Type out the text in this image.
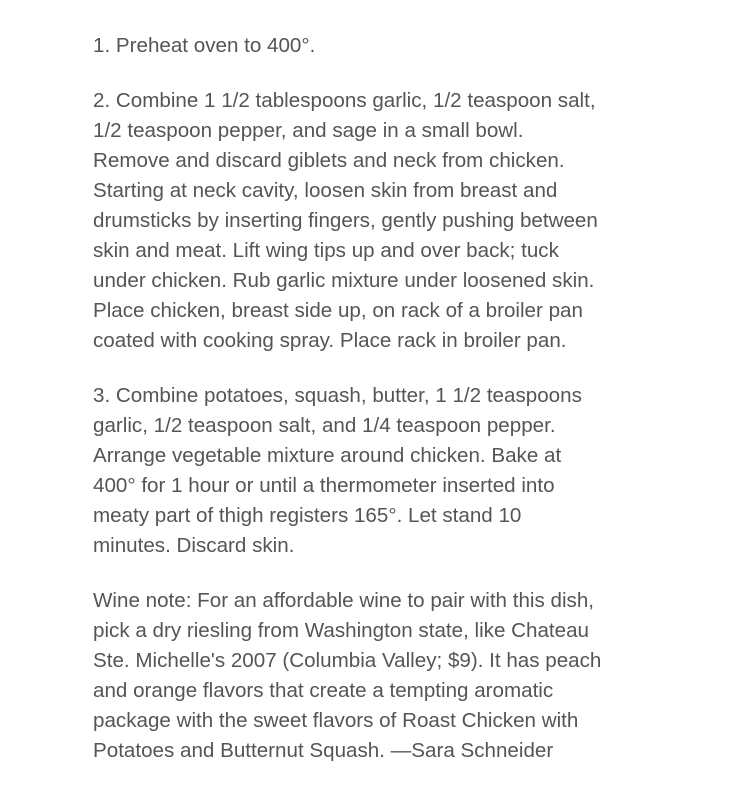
1. Preheat oven to 400°.

2. Combine 1 1/2 tablespoons garlic, 1/2 teaspoon salt,
1/2 teaspoon pepper, and sage in a small bowl.
Remove and discard giblets and neck from chicken.
Starting at neck cavity, loosen skin from breast and
drumsticks by inserting fingers, gently pushing between
skin and meat. Lift wing tips up and over back; tuck
under chicken. Rub garlic mixture under loosened skin.
Place chicken, breast side up, on rack of a broiler pan
coated with cooking spray. Place rack in broiler pan.

3. Combine potatoes, squash, butter, 1 1/2 teaspoons
garlic, 1/2 teaspoon salt, and 1/4 teaspoon pepper.
Arrange vegetable mixture around chicken. Bake at
400° for 1 hour or until a thermometer inserted into
meaty part of thigh registers 165°. Let stand 10
minutes. Discard skin.

Wine note: For an affordable wine to pair with this dish,
pick a dry riesling from Washington state, like Chateau
Ste. Michelle's 2007 (Columbia Valley; $9). It has peach
and orange flavors that create a tempting aromatic
package with the sweet flavors of Roast Chicken with
Potatoes and Butternut Squash. —Sara Schneider
